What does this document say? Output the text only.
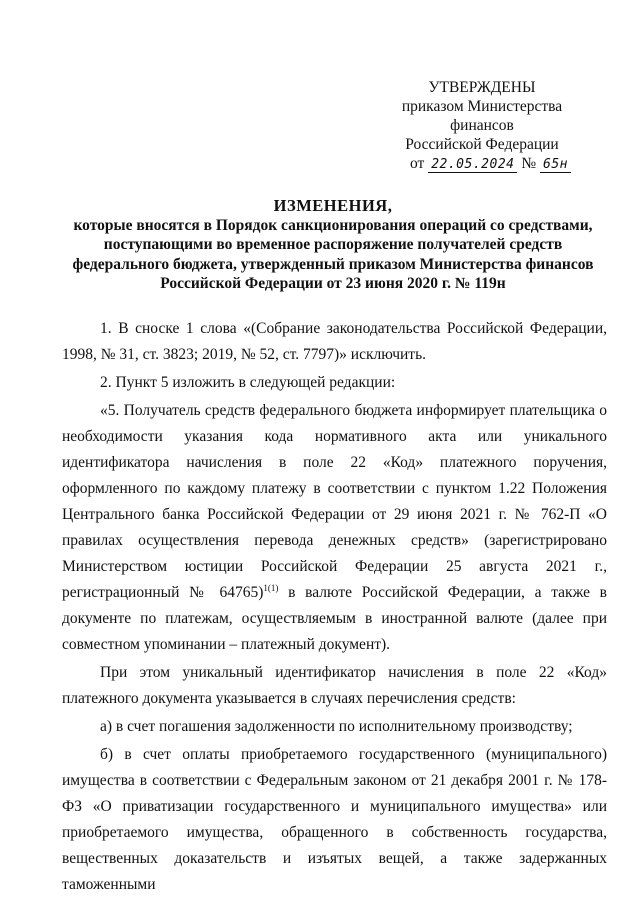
УТВЕРЖДЕНЫ
приказом Министерства финансов
Российской Федерации
от 22.05.2024 № 65н
ИЗМЕНЕНИЯ,
которые вносятся в Порядок санкционирования операций со средствами, поступающими во временное распоряжение получателей средств федерального бюджета, утвержденный приказом Министерства финансов Российской Федерации от 23 июня 2020 г. № 119н

1. В сноске 1 слова «(Собрание законодательства Российской Федерации, 1998, № 31, ст. 3823; 2019, № 52, ст. 7797)» исключить.

2. Пункт 5 изложить в следующей редакции:

«5. Получатель средств федерального бюджета информирует плательщика о необходимости указания кода нормативного акта или уникального идентификатора начисления в поле 22 «Код» платежного поручения, оформленного по каждому платежу в соответствии с пунктом 1.22 Положения Центрального банка Российской Федерации от 29 июня 2021 г. № 762-П «О правилах осуществления перевода денежных средств» (зарегистрировано Министерством юстиции Российской Федерации 25 августа 2021 г., регистрационный № 64765)$^{1(1)}$ в валюте Российской Федерации, а также в документе по платежам, осуществляемым в иностранной валюте (далее при совместном упоминании – платежный документ).

При этом уникальный идентификатор начисления в поле 22 «Код» платежного документа указывается в случаях перечисления средств:

а) в счет погашения задолженности по исполнительному производству;

б) в счет оплаты приобретаемого государственного (муниципального) имущества в соответствии с Федеральным законом от 21 декабря 2001 г. № 178-ФЗ «О приватизации государственного и муниципального имущества» или приобретаемого имущества, обращенного в собственность государства, вещественных доказательств и изъятых вещей, а также задержанных таможенными
